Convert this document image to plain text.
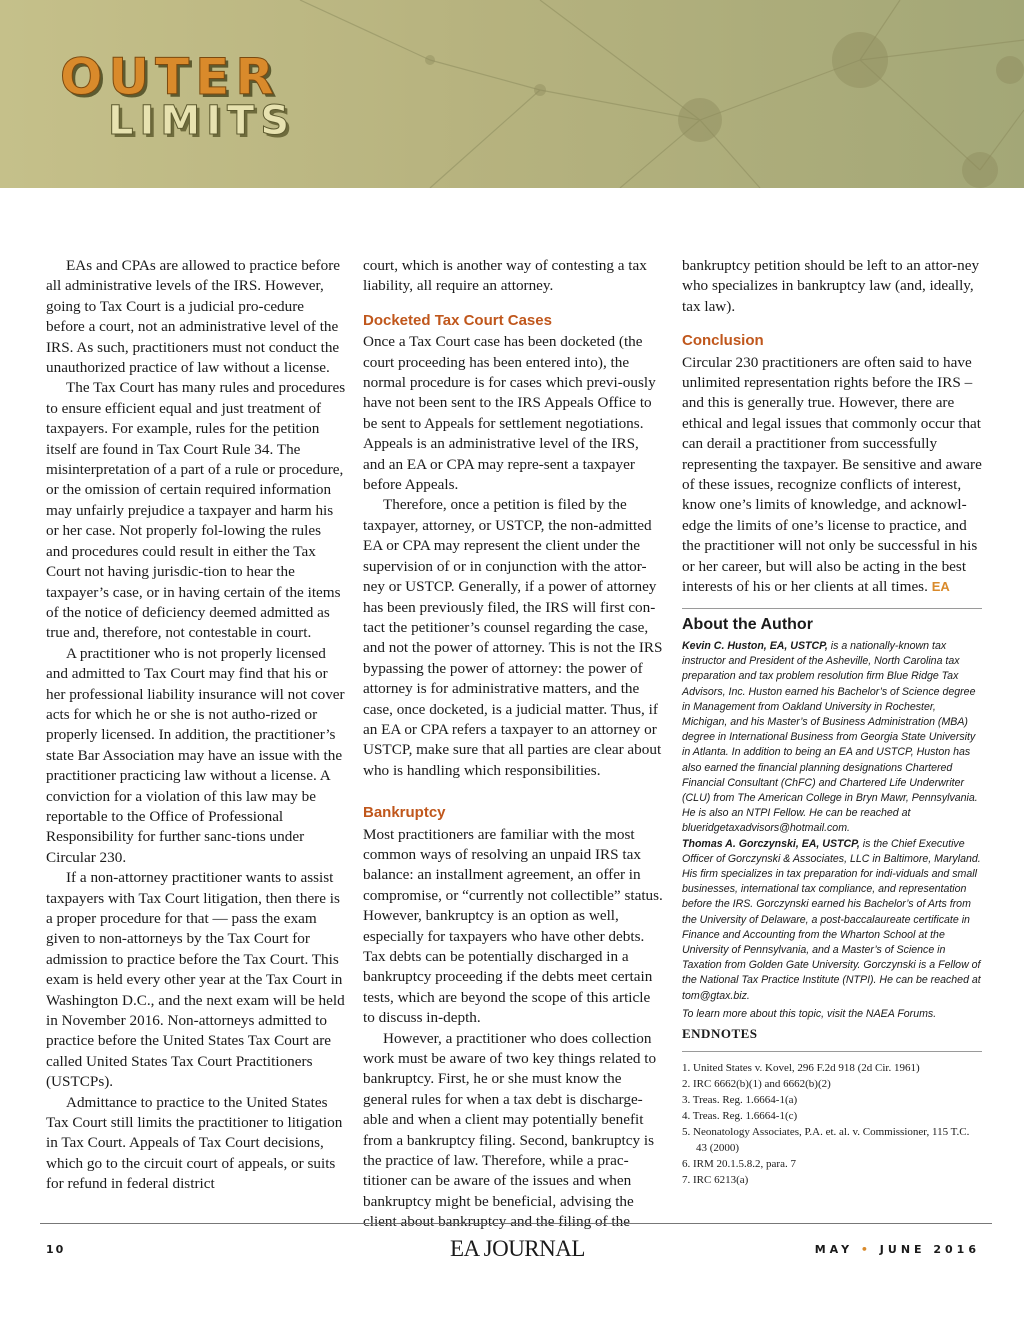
OUTER
LIMITS

EAs and CPAs are allowed to practice before all administrative levels of the IRS. However, going to Tax Court is a judicial pro-cedure before a court, not an administrative level of the IRS. As such, practitioners must not conduct the unauthorized practice of law without a license.

The Tax Court has many rules and procedures to ensure efficient equal and just treatment of taxpayers. For example, rules for the petition itself are found in Tax Court Rule 34. The misinterpretation of a part of a rule or procedure, or the omission of certain required information may unfairly prejudice a taxpayer and harm his or her case. Not properly fol-lowing the rules and procedures could result in either the Tax Court not having jurisdic-tion to hear the taxpayer’s case, or in having certain of the items of the notice of deficiency deemed admitted as true and, therefore, not contestable in court.

A practitioner who is not properly licensed and admitted to Tax Court may find that his or her professional liability insurance will not cover acts for which he or she is not autho-rized or properly licensed. In addition, the practitioner’s state Bar Association may have an issue with the practitioner practicing law without a license. A conviction for a violation of this law may be reportable to the Office of Professional Responsibility for further sanc-tions under Circular 230.

If a non-attorney practitioner wants to assist taxpayers with Tax Court litigation, then there is a proper procedure for that — pass the exam given to non-attorneys by the Tax Court for admission to practice before the Tax Court. This exam is held every other year at the Tax Court in Washington D.C., and the next exam will be held in November 2016. Non-attorneys admitted to practice before the United States Tax Court are called United States Tax Court Practitioners (USTCPs).

Admittance to practice to the United States Tax Court still limits the practitioner to litigation in Tax Court. Appeals of Tax Court decisions, which go to the circuit court of appeals, or suits for refund in federal district

court, which is another way of contesting a tax liability, all require an attorney.

Docketed Tax Court Cases

Once a Tax Court case has been docketed (the court proceeding has been entered into), the normal procedure is for cases which previ-ously have not been sent to the IRS Appeals Office to be sent to Appeals for settlement negotiations. Appeals is an administrative level of the IRS, and an EA or CPA may repre-sent a taxpayer before Appeals.

Therefore, once a petition is filed by the taxpayer, attorney, or USTCP, the non-admitted EA or CPA may represent the client under the supervision of or in conjunction with the attor-ney or USTCP. Generally, if a power of attorney has been previously filed, the IRS will first con-tact the petitioner’s counsel regarding the case, and not the power of attorney. This is not the IRS bypassing the power of attorney: the power of attorney is for administrative matters, and the case, once docketed, is a judicial matter. Thus, if an EA or CPA refers a taxpayer to an attorney or USTCP, make sure that all parties are clear about who is handling which responsibilities.

Bankruptcy

Most practitioners are familiar with the most common ways of resolving an unpaid IRS tax balance: an installment agreement, an offer in compromise, or “currently not collectible” status. However, bankruptcy is an option as well, especially for taxpayers who have other debts. Tax debts can be potentially discharged in a bankruptcy proceeding if the debts meet certain tests, which are beyond the scope of this article to discuss in-depth.

However, a practitioner who does collection work must be aware of two key things related to bankruptcy. First, he or she must know the general rules for when a tax debt is discharge-able and when a client may potentially benefit from a bankruptcy filing. Second, bankruptcy is the practice of law. Therefore, while a prac-titioner can be aware of the issues and when bankruptcy might be beneficial, advising the client about bankruptcy and the filing of the

bankruptcy petition should be left to an attor-ney who specializes in bankruptcy law (and, ideally, tax law).

Conclusion

Circular 230 practitioners are often said to have unlimited representation rights before the IRS – and this is generally true. However, there are ethical and legal issues that commonly occur that can derail a practitioner from successfully representing the taxpayer. Be sensitive and aware of these issues, recognize conflicts of interest, know one’s limits of knowledge, and acknowl-edge the limits of one’s license to practice, and the practitioner will not only be successful in his or her career, but will also be acting in the best interests of his or her clients at all times. EA

About the Author

Kevin C. Huston, EA, USTCP, is a nationally-known tax instructor and President of the Asheville, North Carolina tax preparation and tax problem resolution firm Blue Ridge Tax Advisors, Inc. Huston earned his Bachelor’s of Science degree in Management from Oakland University in Rochester, Michigan, and his Master’s of Business Administration (MBA) degree in International Business from Georgia State University in Atlanta. In addition to being an EA and USTCP, Huston has also earned the financial planning designations Chartered Financial Consultant (ChFC) and Chartered Life Underwriter (CLU) from The American College in Bryn Mawr, Pennsylvania. He is also an NTPI Fellow. He can be reached at blueridgetaxadvisors@hotmail.com.

Thomas A. Gorczynski, EA, USTCP, is the Chief Executive Officer of Gorczynski & Associates, LLC in Baltimore, Maryland. His firm specializes in tax preparation for indi-viduals and small businesses, international tax compliance, and representation before the IRS. Gorczynski earned his Bachelor’s of Arts from the University of Delaware, a post-baccalaureate certificate in Finance and Accounting from the Wharton School at the University of Pennsylvania, and a Master’s of Science in Taxation from Golden Gate University. Gorczynski is a Fellow of the National Tax Practice Institute (NTPI). He can be reached at tom@gtax.biz.

To learn more about this topic, visit the NAEA Forums.

ENDNOTES
1. United States v. Kovel, 296 F.2d 918 (2d Cir. 1961)
2. IRC 6662(b)(1) and 6662(b)(2)
3. Treas. Reg. 1.6664-1(a)
4. Treas. Reg. 1.6664-1(c)
5. Neonatology Associates, P.A. et. al. v. Commissioner, 115 T.C. 43 (2000)
6. IRM 20.1.5.8.2, para. 7
7. IRC 6213(a)
10	EA JOURNAL	MAY • JUNE 2016
